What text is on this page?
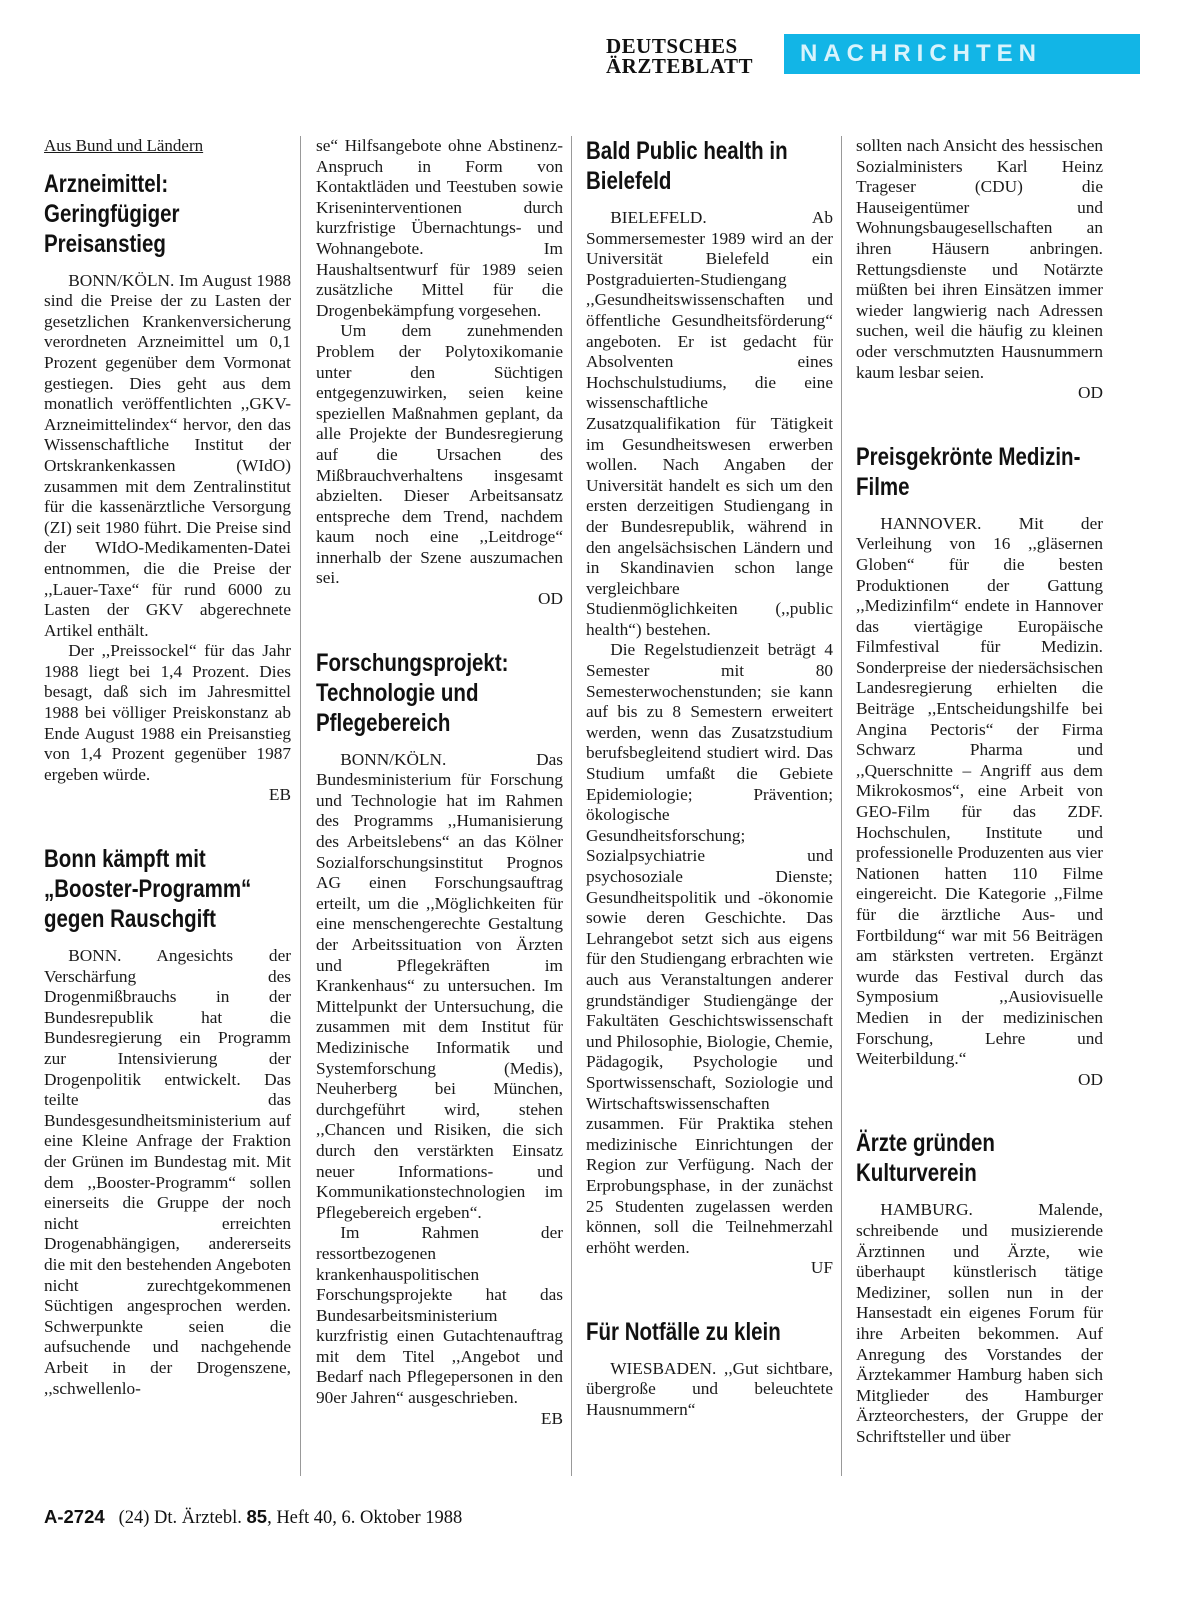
DEUTSCHES
ÄRZTEBLATT	NACHRICHTEN
Aus Bund und Ländern
Arzneimittel: Geringfügiger Preisanstieg

BONN/KÖLN. Im August 1988 sind die Preise der zu Lasten der gesetzlichen Krankenversicherung verordneten Arzneimittel um 0,1 Prozent gegenüber dem Vormonat gestiegen. Dies geht aus dem monatlich veröffentlichten ,,GKV-Arzneimittelindex“ hervor, den das Wissenschaftliche Institut der Ortskrankenkassen (WIdO) zusammen mit dem Zentralinstitut für die kassenärztliche Versorgung (ZI) seit 1980 führt. Die Preise sind der WIdO-Medikamenten-Datei entnommen, die die Preise der ,,Lauer-Taxe“ für rund 6000 zu Lasten der GKV abgerechnete Artikel enthält.

Der ,,Preissockel“ für das Jahr 1988 liegt bei 1,4 Prozent. Dies besagt, daß sich im Jahresmittel 1988 bei völliger Preiskonstanz ab Ende August 1988 ein Preisanstieg von 1,4 Prozent gegenüber 1987 ergeben würde.

EB
Bonn kämpft mit „Booster-Programm“ gegen Rauschgift

BONN. Angesichts der Verschärfung des Drogenmißbrauchs in der Bundesrepublik hat die Bundesregierung ein Programm zur Intensivierung der Drogenpolitik entwickelt. Das teilte das Bundesgesundheitsministerium auf eine Kleine Anfrage der Fraktion der Grünen im Bundestag mit. Mit dem ,,Booster-Programm“ sollen einerseits die Gruppe der noch nicht erreichten Drogenabhängigen, andererseits die mit den bestehenden Angeboten nicht zurechtgekommenen Süchtigen angesprochen werden. Schwerpunkte seien die aufsuchende und nachgehende Arbeit in der Drogenszene, ,,schwellenlo-

se“ Hilfsangebote ohne Abstinenz-Anspruch in Form von Kontaktläden und Teestuben sowie Kriseninterventionen durch kurzfristige Übernachtungs- und Wohnangebote. Im Haushaltsentwurf für 1989 seien zusätzliche Mittel für die Drogenbekämpfung vorgesehen.

Um dem zunehmenden Problem der Polytoxikomanie unter den Süchtigen entgegenzuwirken, seien keine speziellen Maßnahmen geplant, da alle Projekte der Bundesregierung auf die Ursachen des Mißbrauchverhaltens insgesamt abzielten. Dieser Arbeitsansatz entspreche dem Trend, nachdem kaum noch eine ,,Leitdroge“ innerhalb der Szene auszumachen sei.

OD
Forschungsprojekt: Technologie und Pflegebereich

BONN/KÖLN. Das Bundesministerium für Forschung und Technologie hat im Rahmen des Programms ,,Humanisierung des Arbeitslebens“ an das Kölner Sozialforschungsinstitut Prognos AG einen Forschungsauftrag erteilt, um die ,,Möglichkeiten für eine menschengerechte Gestaltung der Arbeitssituation von Ärzten und Pflegekräften im Krankenhaus“ zu untersuchen. Im Mittelpunkt der Untersuchung, die zusammen mit dem Institut für Medizinische Informatik und Systemforschung (Medis), Neuherberg bei München, durchgeführt wird, stehen ,,Chancen und Risiken, die sich durch den verstärkten Einsatz neuer Informations- und Kommunikationstechnologien im Pflegebereich ergeben“.

Im Rahmen der ressortbezogenen krankenhauspolitischen Forschungsprojekte hat das Bundesarbeitsministerium kurzfristig einen Gutachtenauftrag mit dem Titel ,,Angebot und Bedarf nach Pflegepersonen in den 90er Jahren“ ausgeschrieben.

EB
Bald Public health in Bielefeld

BIELEFELD. Ab Sommersemester 1989 wird an der Universität Bielefeld ein Postgraduierten-Studiengang ,,Gesundheitswissenschaften und öffentliche Gesundheitsförderung“ angeboten. Er ist gedacht für Absolventen eines Hochschulstudiums, die eine wissenschaftliche Zusatzqualifikation für Tätigkeit im Gesundheitswesen erwerben wollen. Nach Angaben der Universität handelt es sich um den ersten derzeitigen Studiengang in der Bundesrepublik, während in den angelsächsischen Ländern und in Skandinavien schon lange vergleichbare Studienmöglichkeiten (,,public health“) bestehen.

Die Regelstudienzeit beträgt 4 Semester mit 80 Semesterwochenstunden; sie kann auf bis zu 8 Semestern erweitert werden, wenn das Zusatzstudium berufsbegleitend studiert wird. Das Studium umfaßt die Gebiete Epidemiologie; Prävention; ökologische Gesundheitsforschung; Sozialpsychiatrie und psychosoziale Dienste; Gesundheitspolitik und -ökonomie sowie deren Geschichte. Das Lehrangebot setzt sich aus eigens für den Studiengang erbrachten wie auch aus Veranstaltungen anderer grundständiger Studiengänge der Fakultäten Geschichtswissenschaft und Philosophie, Biologie, Chemie, Pädagogik, Psychologie und Sportwissenschaft, Soziologie und Wirtschaftswissenschaften zusammen. Für Praktika stehen medizinische Einrichtungen der Region zur Verfügung. Nach der Erprobungsphase, in der zunächst 25 Studenten zugelassen werden können, soll die Teilnehmerzahl erhöht werden.

UF
Für Notfälle zu klein

WIESBADEN. ,,Gut sichtbare, übergroße und beleuchtete Hausnummern“

sollten nach Ansicht des hessischen Sozialministers Karl Heinz Trageser (CDU) die Hauseigentümer und Wohnungsbaugesellschaften an ihren Häusern anbringen. Rettungsdienste und Notärzte müßten bei ihren Einsätzen immer wieder langwierig nach Adressen suchen, weil die häufig zu kleinen oder verschmutzten Hausnummern kaum lesbar seien.

OD
Preisgekrönte Medizin-Filme

HANNOVER. Mit der Verleihung von 16 ,,gläsernen Globen“ für die besten Produktionen der Gattung ,,Medizinfilm“ endete in Hannover das viertägige Europäische Filmfestival für Medizin. Sonderpreise der niedersächsischen Landesregierung erhielten die Beiträge ,,Entscheidungshilfe bei Angina Pectoris“ der Firma Schwarz Pharma und ,,Querschnitte – Angriff aus dem Mikrokosmos“, eine Arbeit von GEO-Film für das ZDF. Hochschulen, Institute und professionelle Produzenten aus vier Nationen hatten 110 Filme eingereicht. Die Kategorie ,,Filme für die ärztliche Aus- und Fortbildung“ war mit 56 Beiträgen am stärksten vertreten. Ergänzt wurde das Festival durch das Symposium ,,Ausiovisuelle Medien in der medizinischen Forschung, Lehre und Weiterbildung.“

OD
Ärzte gründen Kulturverein

HAMBURG. Malende, schreibende und musizierende Ärztinnen und Ärzte, wie überhaupt künstlerisch tätige Mediziner, sollen nun in der Hansestadt ein eigenes Forum für ihre Arbeiten bekommen. Auf Anregung des Vorstandes der Ärztekammer Hamburg haben sich Mitglieder des Hamburger Ärzteorchesters, der Gruppe der Schriftsteller und über

A-2724 (24) Dt. Ärztebl. 85, Heft 40, 6. Oktober 1988
